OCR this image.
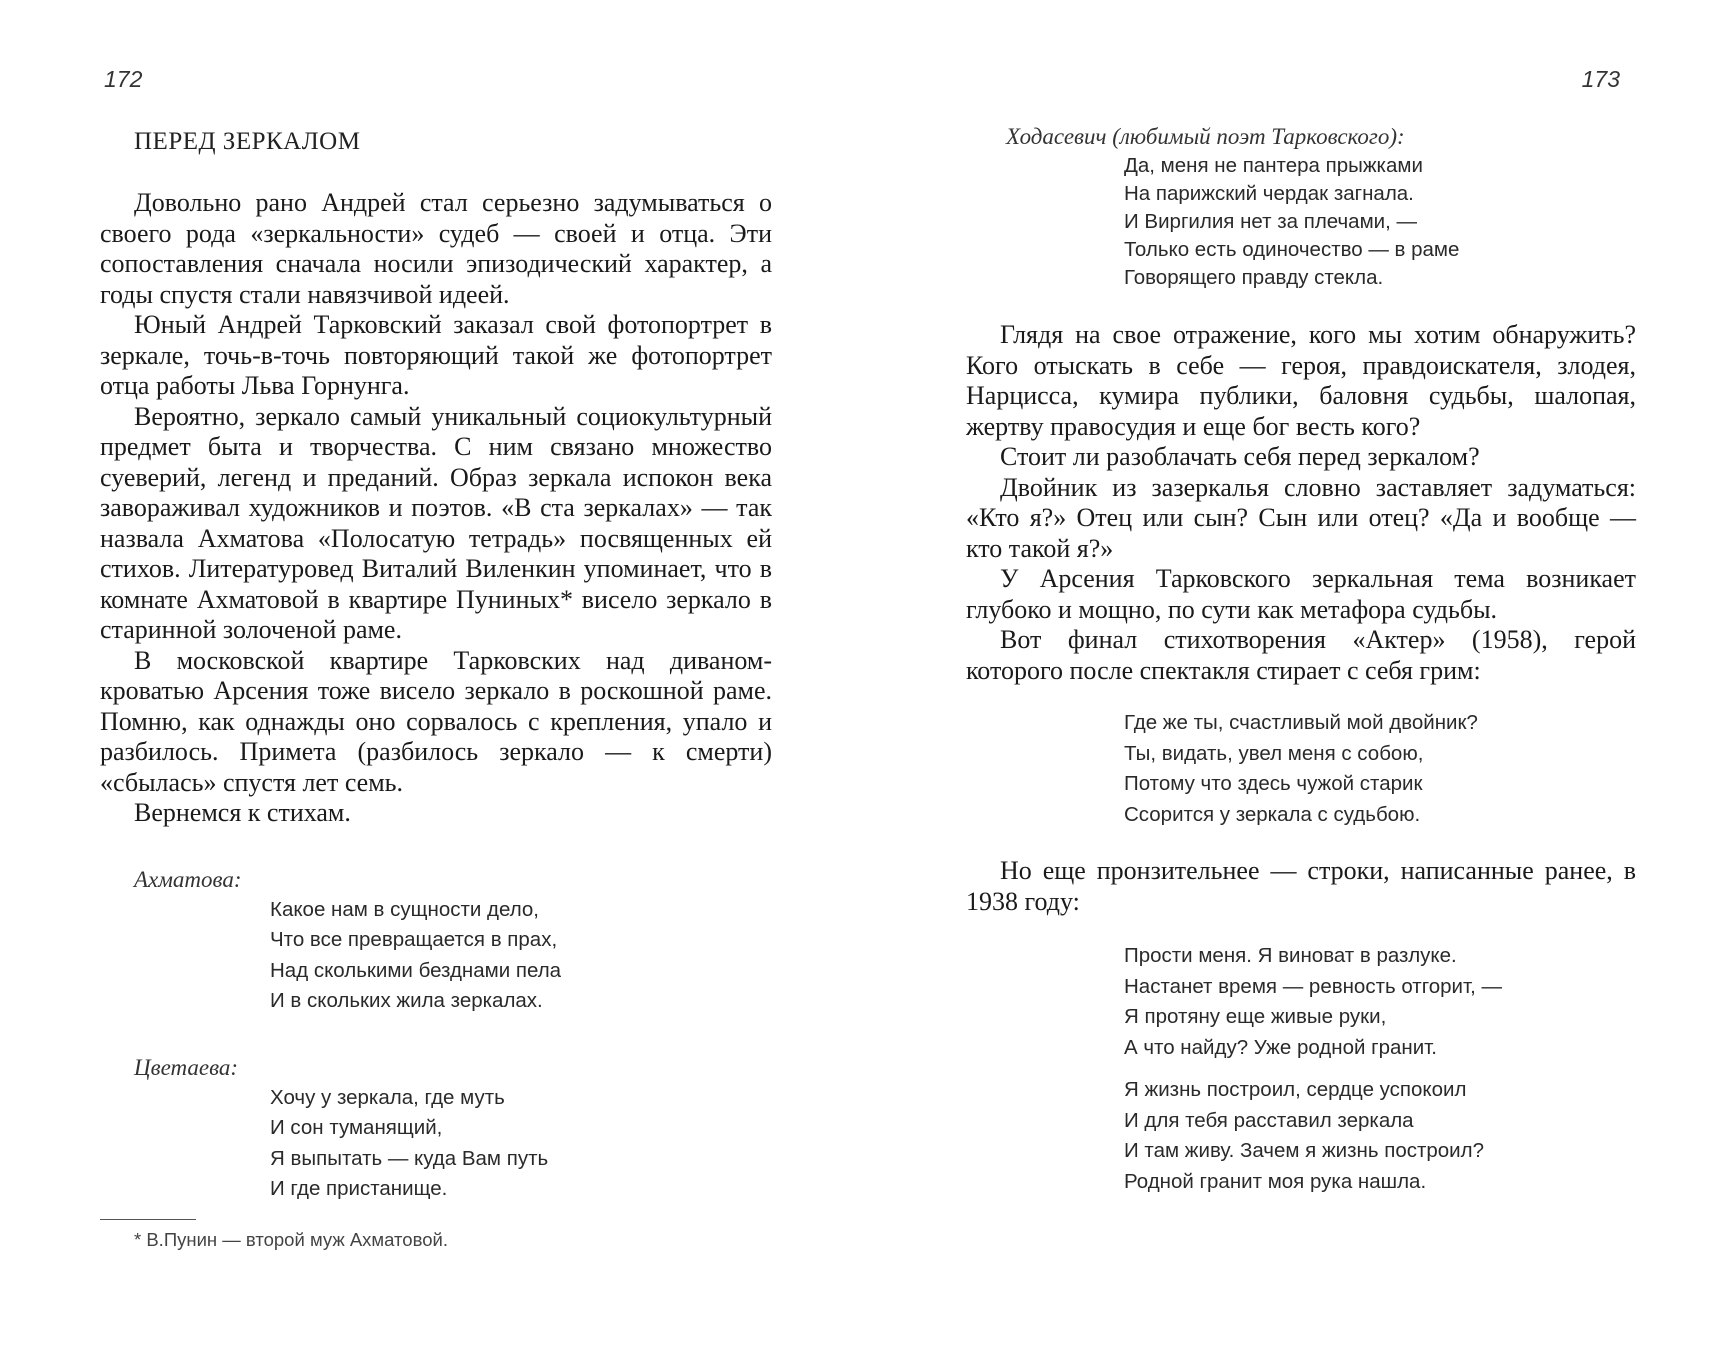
172
ПЕРЕД ЗЕРКАЛОМ

Довольно рано Андрей стал серьезно задумываться о своего рода «зеркальности» судеб — своей и отца. Эти сопоставления сначала носили эпизодический характер, а годы спустя стали навязчивой идеей.

Юный Андрей Тарковский заказал свой фотопортрет в зеркале, точь-в-точь повторяющий такой же фотопортрет отца работы Льва Горнунга.

Вероятно, зеркало самый уникальный социокультурный предмет быта и творчества. С ним связано множество суеверий, легенд и преданий. Образ зеркала испокон века завораживал художников и поэтов. «В ста зеркалах» — так назвала Ахматова «Полосатую тетрадь» посвященных ей стихов. Литературовед Виталий Виленкин упоминает, что в комнате Ахматовой в квартире Пуниных* висело зеркало в старинной золоченой раме.

В московской квартире Тарковских над диваном-кроватью Арсения тоже висело зеркало в роскошной раме. Помню, как однажды оно сорвалось с крепления, упало и разбилось. Примета (разбилось зеркало — к смерти) «сбылась» спустя лет семь.

Вернемся к стихам.

Ахматова:
Какое нам в сущности дело,
Что все превращается в прах,
Над сколькими безднами пела
И в скольких жила зеркалах.
Цветаева:
Хочу у зеркала, где муть
И сон туманящий,
Я выпытать — куда Вам путь
И где пристанище.
* В.Пунин — второй муж Ахматовой.
173
Ходасевич (любимый поэт Тарковского):
Да, меня не пантера прыжками
На парижский чердак загнала.
И Виргилия нет за плечами, —
Только есть одиночество — в раме
Говорящего правду стекла.

Глядя на свое отражение, кого мы хотим обнаружить? Кого отыскать в себе — героя, правдоискателя, злодея, Нарцисса, кумира публики, баловня судьбы, шалопая, жертву правосудия и еще бог весть кого?

Стоит ли разоблачать себя перед зеркалом?

Двойник из зазеркалья словно заставляет задуматься: «Кто я?» Отец или сын? Сын или отец? «Да и вообще — кто такой я?»

У Арсения Тарковского зеркальная тема возникает глубоко и мощно, по сути как метафора судьбы.

Вот финал стихотворения «Актер» (1958), герой которого после спектакля стирает с себя грим:

Где же ты, счастливый мой двойник?
Ты, видать, увел меня с собою,
Потому что здесь чужой старик
Ссорится у зеркала с судьбою.

Но еще пронзительнее — строки, написанные ранее, в 1938 году:

Прости меня. Я виноват в разлуке.
Настанет время — ревность отгорит, —
Я протяну еще живые руки,
А что найду? Уже родной гранит.
Я жизнь построил, сердце успокоил
И для тебя расставил зеркала
И там живу. Зачем я жизнь построил?
Родной гранит моя рука нашла.
